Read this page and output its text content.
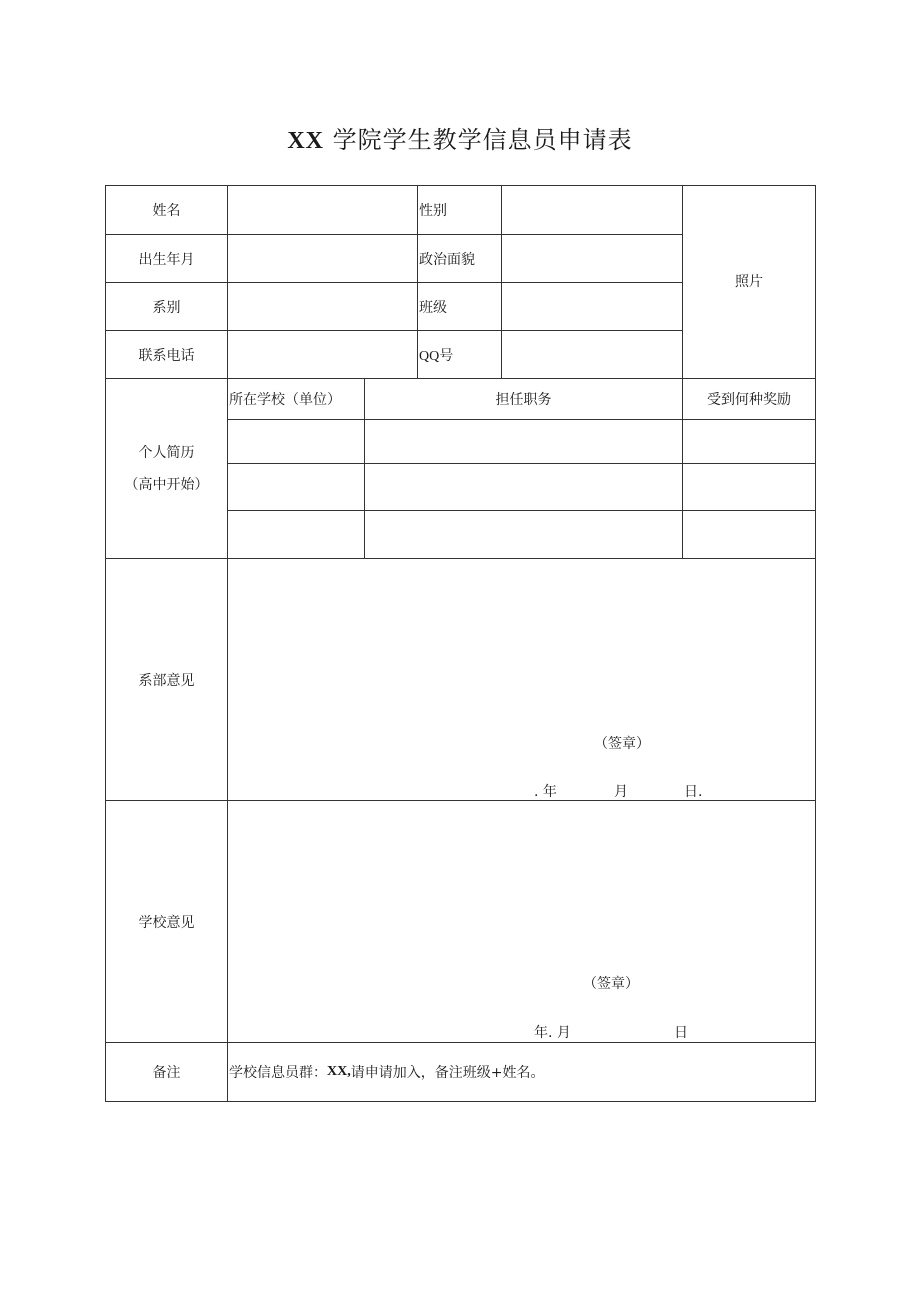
XX 学院学生教学信息员申请表
姓名	性别
照片
出生年月	政治面貌
系别	班级
联系电话	QQ号
个人简历
（高中开始）
所在学校（单位）	担任职务	受到何种奖励
系部意见
（签章）
. 年	月	日.
学校意见
（签章）
年. 月	日
备注	学校信息员群： XX, 请申请加入，备注班级+姓名。
